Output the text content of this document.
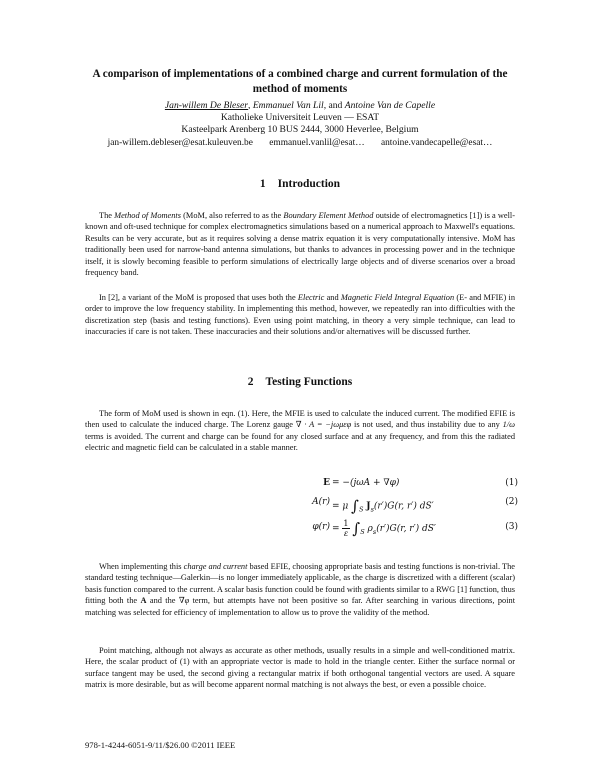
A comparison of implementations of a combined charge and current formulation of the
method of moments
Jan-willem De Bleser, Emmanuel Van Lil, and Antoine Van de Capelle
Katholieke Universiteit Leuven — ESAT
Kasteelpark Arenberg 10 BUS 2444, 3000 Heverlee, Belgium
jan-willem.debleser@esat.kuleuven.be emmanuel.vanlil@esat… antoine.vandecapelle@esat…
1 Introduction

The Method of Moments (MoM, also referred to as the Boundary Element Method outside of electromagnetics [1]) is a well-known and oft-used technique for complex electromagnetics simulations based on a numerical approach to Maxwell's equations. Results can be very accurate, but as it requires solving a dense matrix equation it is very computationally intensive. MoM has traditionally been used for narrow-band antenna simulations, but thanks to advances in processing power and in the technique itself, it is slowly becoming feasible to perform simulations of electrically large objects and of diverse scenarios over a broad frequency band.

In [2], a variant of the MoM is proposed that uses both the Electric and Magnetic Field Integral Equation (E- and MFIE) in order to improve the low frequency stability. In implementing this method, however, we repeatedly ran into difficulties with the discretization step (basis and testing functions). Even using point matching, in theory a very simple technique, can lead to inaccuracies if care is not taken. These inaccuracies and their solutions and/or alternatives will be discussed further.

2 Testing Functions

The form of MoM used is shown in eqn. (1). Here, the MFIE is used to calculate the induced current. The modified EFIE is then used to calculate the induced charge. The Lorenz gauge ∇ · A = −jωμεφ is not used, and thus instability due to any 1/ω terms is avoided. The current and charge can be found for any closed surface and at any frequency, and from this the radiated electric and magnetic field can be calculated in a stable manner.

E = −(jωA + ∇φ)	(1)
A(r) = μ $\int_S$ $J_s(r')G(r$, r′) dS′	(2)
$\varphi(r) = \frac{1}{\varepsilon} \int_S$ $\rho_s(r')G(r$, r′) dS′	(3)

When implementing this charge and current based EFIE, choosing appropriate basis and testing functions is non-trivial. The standard testing technique—Galerkin—is no longer immediately applicable, as the charge is discretized with a different (scalar) basis function compared to the current. A scalar basis function could be found with gradients similar to a RWG [1] function, thus fitting both the A and the ∇φ term, but attempts have not been positive so far. After searching in various directions, point matching was selected for efficiency of implementation to allow us to prove the validity of the method.

Point matching, although not always as accurate as other methods, usually results in a simple and well-conditioned matrix. Here, the scalar product of (1) with an appropriate vector is made to hold in the triangle center. Either the surface normal or surface tangent may be used, the second giving a rectangular matrix if both orthogonal tangential vectors are used. A square matrix is more desirable, but as will become apparent normal matching is not always the best, or even a possible choice.

978-1-4244-6051-9/11/$26.00 ©2011 IEEE
